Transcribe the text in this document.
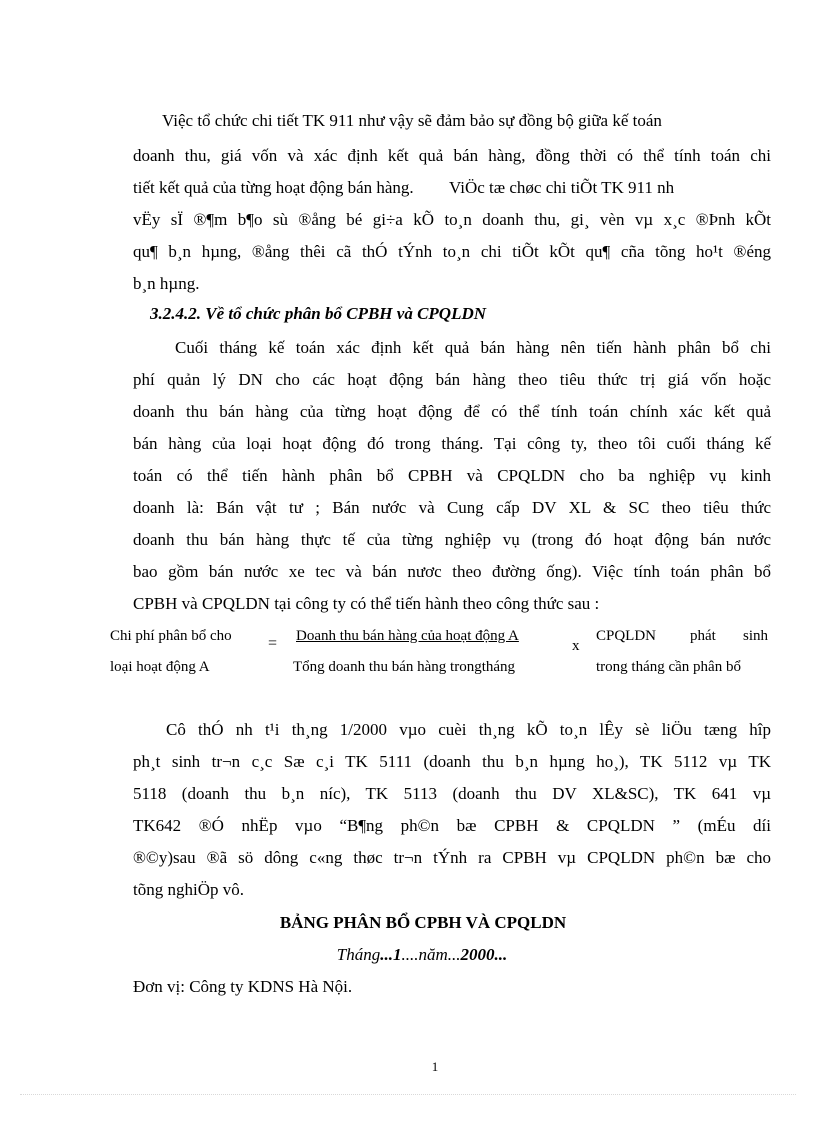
Việc tổ chức chi tiết TK 911 như vậy sẽ đảm bảo sự đồng bộ giữa kế toán
doanh thu, giá vốn và xác định kết quả bán hàng, đồng thời có thể tính toán chi
tiết kết quả của từng hoạt động bán hàng. ViÖc tæ chøc chi tiÕt TK 911 nh
vËy sÏ ®¶m b¶o sù ®ång bé gi÷a kÕ to¸n doanh thu, gi¸ vèn vµ x¸c ®Þnh kÕt
qu¶ b¸n hµng, ®ång thêi cã thÓ tÝnh to¸n chi tiÕt kÕt qu¶ cña tõng ho¹t ®éng
b¸n hµng.
3.2.4.2. Về tổ chức phân bổ CPBH và CPQLDN
Cuối tháng kế toán xác định kết quả bán hàng nên tiến hành phân bổ chi
phí quản lý DN cho các hoạt động bán hàng theo tiêu thức trị giá vốn hoặc
doanh thu bán hàng của từng hoạt động để có thể tính toán chính xác kết quả
bán hàng của loại hoạt động đó trong tháng. Tại công ty, theo tôi cuối tháng kế
toán có thể tiến hành phân bổ CPBH và CPQLDN cho ba nghiệp vụ kinh
doanh là: Bán vật tư ; Bán nước và Cung cấp DV XL & SC theo tiêu thức
doanh thu bán hàng thực tế của từng nghiệp vụ (trong đó hoạt động bán nước
bao gồm bán nước xe tec và bán nươc theo đường ống). Việc tính toán phân bổ
CPBH và CPQLDN tại công ty có thể tiến hành theo công thức sau :
Chi phí phân bổ cho
loại hoạt động A
= Doanh thu bán hàng của hoạt động A
Tổng doanh thu bán hàng trongtháng
x
CPQLDN phát sinh
trong tháng cần phân bổ
Cô thÓ nh t¹i th¸ng 1/2000 vµo cuèi th¸ng kÕ to¸n lÊy sè liÖu tæng hîp
ph¸t sinh tr¬n c¸c Sæ c¸i TK 5111 (doanh thu b¸n hµng ho¸), TK 5112 vµ TK
5118 (doanh thu b¸n níc), TK 5113 (doanh thu DV XL&SC), TK 641 vµ
TK642 ®Ó nhËp vµo “B¶ng ph©n bæ CPBH & CPQLDN ” (mÉu díi
®©y)sau ®ã sö dông c«ng thøc tr¬n tÝnh ra CPBH vµ CPQLDN ph©n bæ cho
tõng nghiÖp vô.
BẢNG PHÂN BỔ CPBH VÀ CPQLDN
Tháng...1....năm...2000...
Đơn vị: Công ty KDNS Hà Nội.
1
